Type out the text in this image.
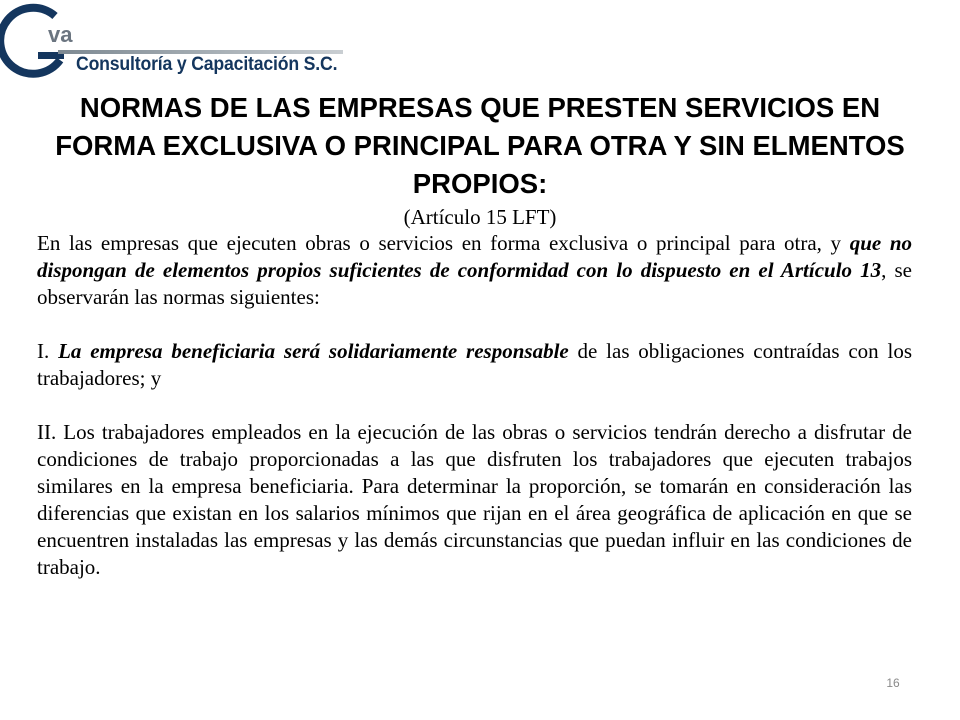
va
Consultoría y Capacitación S.C.
NORMAS DE LAS EMPRESAS QUE PRESTEN SERVICIOS EN FORMA EXCLUSIVA O PRINCIPAL PARA OTRA Y SIN ELMENTOS PROPIOS:
(Artículo 15 LFT)

En las empresas que ejecuten obras o servicios en forma exclusiva o principal para otra, y que no dispongan de elementos propios suficientes de conformidad con lo dispuesto en el Artículo 13, se observarán las normas siguientes:

I. La empresa beneficiaria será solidariamente responsable de las obligaciones contraídas con los trabajadores; y

II. Los trabajadores empleados en la ejecución de las obras o servicios tendrán derecho a disfrutar de condiciones de trabajo proporcionadas a las que disfruten los trabajadores que ejecuten trabajos similares en la empresa beneficiaria. Para determinar la proporción, se tomarán en consideración las diferencias que existan en los salarios mínimos que rijan en el área geográfica de aplicación en que se encuentren instaladas las empresas y las demás circunstancias que puedan influir en las condiciones de trabajo.

16
